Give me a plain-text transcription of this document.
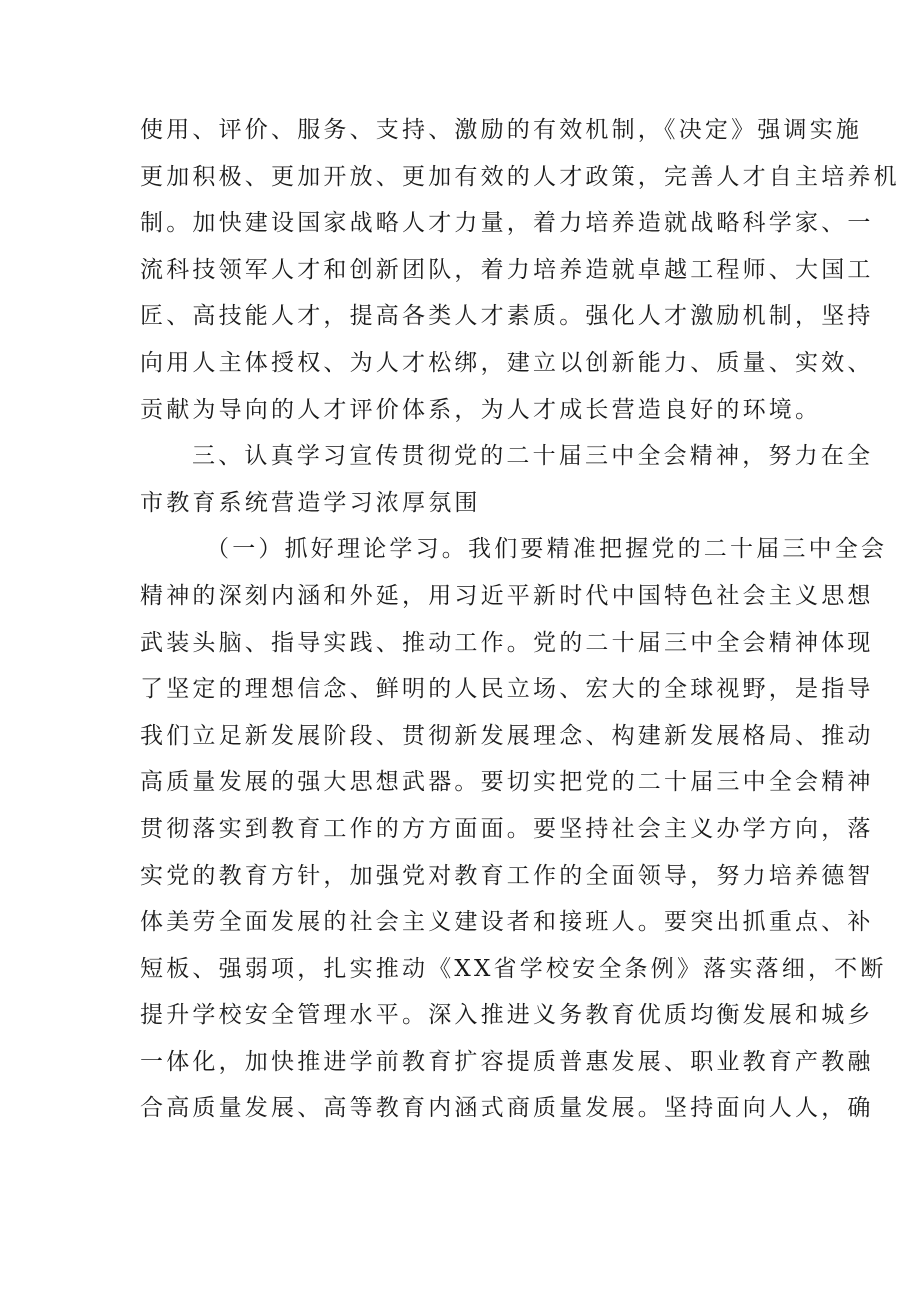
使用、评价、服务、支持、激励的有效机制，《决定》强调实施
更加积极、更加开放、更加有效的人才政策，完善人才自主培养机
制。加快建设国家战略人才力量，着力培养造就战略科学家、一
流科技领军人才和创新团队，着力培养造就卓越工程师、大国工
匠、高技能人才，提高各类人才素质。强化人才激励机制，坚持
向用人主体授权、为人才松绑，建立以创新能力、质量、实效、
贡献为导向的人才评价体系，为人才成长营造良好的环境。
三、认真学习宣传贯彻党的二十届三中全会精神，努力在全
市教育系统营造学习浓厚氛围
（一）抓好理论学习。我们要精准把握党的二十届三中全会
精神的深刻内涵和外延，用习近平新时代中国特色社会主义思想
武装头脑、指导实践、推动工作。党的二十届三中全会精神体现
了坚定的理想信念、鲜明的人民立场、宏大的全球视野，是指导
我们立足新发展阶段、贯彻新发展理念、构建新发展格局、推动
高质量发展的强大思想武器。要切实把党的二十届三中全会精神
贯彻落实到教育工作的方方面面。要坚持社会主义办学方向，落
实党的教育方针，加强党对教育工作的全面领导，努力培养德智
体美劳全面发展的社会主义建设者和接班人。要突出抓重点、补
短板、强弱项，扎实推动《XX省学校安全条例》落实落细，不断
提升学校安全管理水平。深入推进义务教育优质均衡发展和城乡
一体化，加快推进学前教育扩容提质普惠发展、职业教育产教融
合高质量发展、高等教育内涵式商质量发展。坚持面向人人，确
